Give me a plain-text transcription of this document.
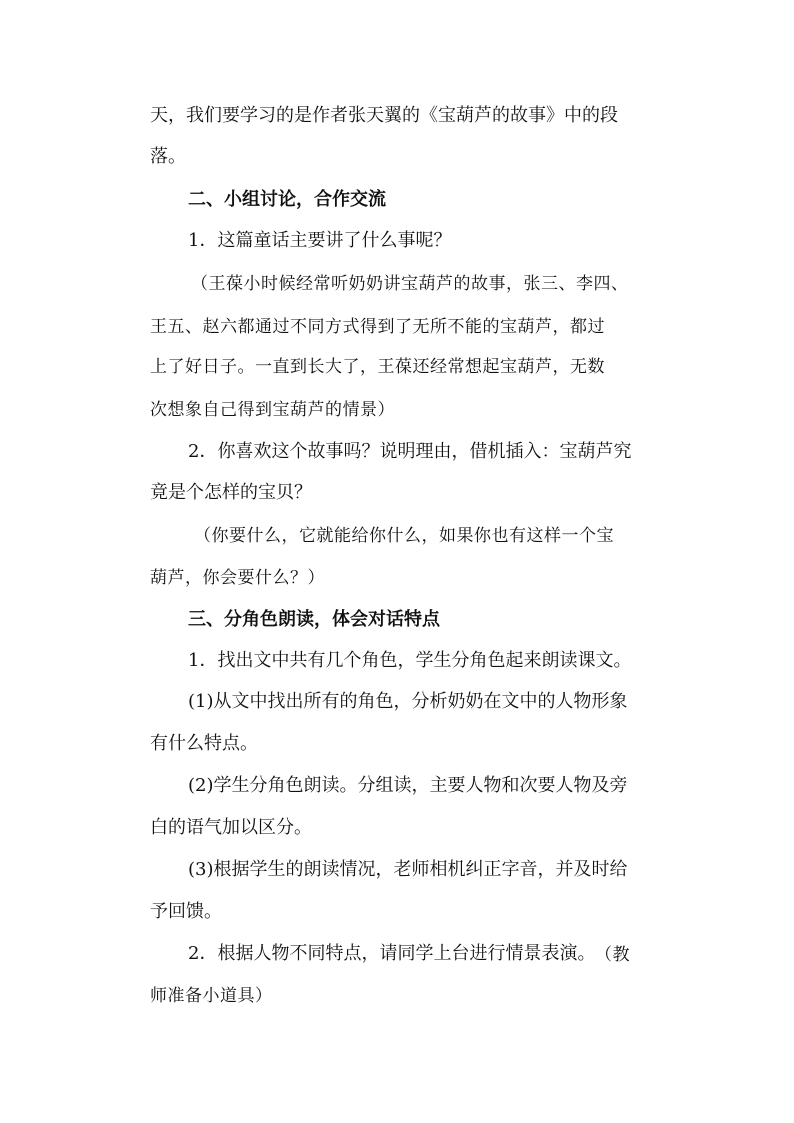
天，我们要学习的是作者张天翼的《宝葫芦的故事》中的段
落。
二、小组讨论，合作交流
1．这篇童话主要讲了什么事呢？
（王葆小时候经常听奶奶讲宝葫芦的故事，张三、李四、
王五、赵六都通过不同方式得到了无所不能的宝葫芦，都过
上了好日子。一直到长大了，王葆还经常想起宝葫芦，无数
次想象自己得到宝葫芦的情景）
2．你喜欢这个故事吗？说明理由，借机插入：宝葫芦究
竟是个怎样的宝贝？
（你要什么，它就能给你什么，如果你也有这样一个宝
葫芦，你会要什么？）
三、分角色朗读，体会对话特点
1．找出文中共有几个角色，学生分角色起来朗读课文。
(1)从文中找出所有的角色，分析奶奶在文中的人物形象
有什么特点。
(2)学生分角色朗读。分组读，主要人物和次要人物及旁
白的语气加以区分。
(3)根据学生的朗读情况，老师相机纠正字音，并及时给
予回馈。
2．根据人物不同特点，请同学上台进行情景表演。 （教
师准备小道具）
